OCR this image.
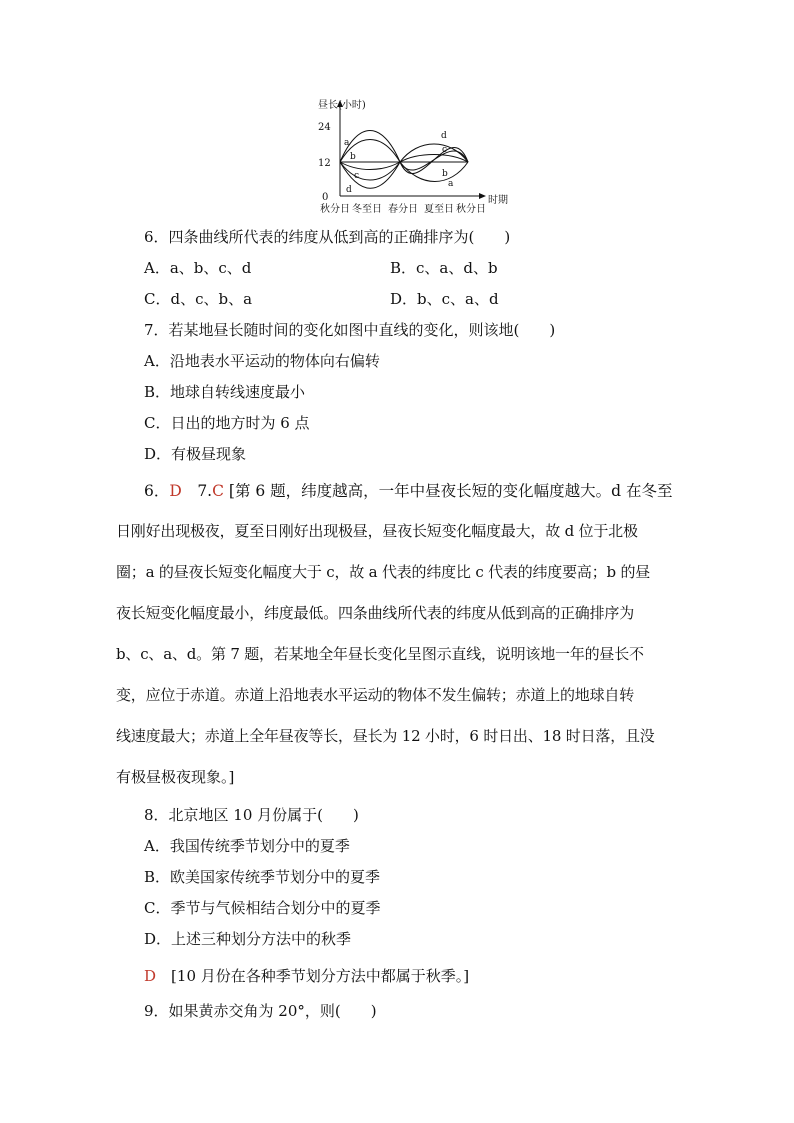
昼长(小时)
时期
24
12
0
a
b
c
d
d
c
b
a
秋分日 冬至日 春分日 夏至日 秋分日
6．四条曲线所代表的纬度从低到高的正确排序为(　　)
A．a、b、c、d	B．c、a、d、b
C．d、c、b、a	D．b、c、a、d
7．若某地昼长随时间的变化如图中直线的变化，则该地(　　)
A．沿地表水平运动的物体向右偏转
B．地球自转线速度最小
C．日出的地方时为 6 点
D．有极昼现象
6．D　7.C [第 6 题，纬度越高，一年中昼夜长短的变化幅度越大。d 在冬至
日刚好出现极夜，夏至日刚好出现极昼，昼夜长短变化幅度最大，故 d 位于北极
圈；a 的昼夜长短变化幅度大于 c，故 a 代表的纬度比 c 代表的纬度要高；b 的昼
夜长短变化幅度最小，纬度最低。四条曲线所代表的纬度从低到高的正确排序为
b、c、a、d。第 7 题，若某地全年昼长变化呈图示直线，说明该地一年的昼长不
变，应位于赤道。赤道上沿地表水平运动的物体不发生偏转；赤道上的地球自转
线速度最大；赤道上全年昼夜等长，昼长为 12 小时，6 时日出、18 时日落，且没
有极昼极夜现象。]
8．北京地区 10 月份属于(　　)
A．我国传统季节划分中的夏季
B．欧美国家传统季节划分中的夏季
C．季节与气候相结合划分中的夏季
D．上述三种划分方法中的秋季
D　 [10 月份在各种季节划分方法中都属于秋季。]
9．如果黄赤交角为 20°，则(　　)
